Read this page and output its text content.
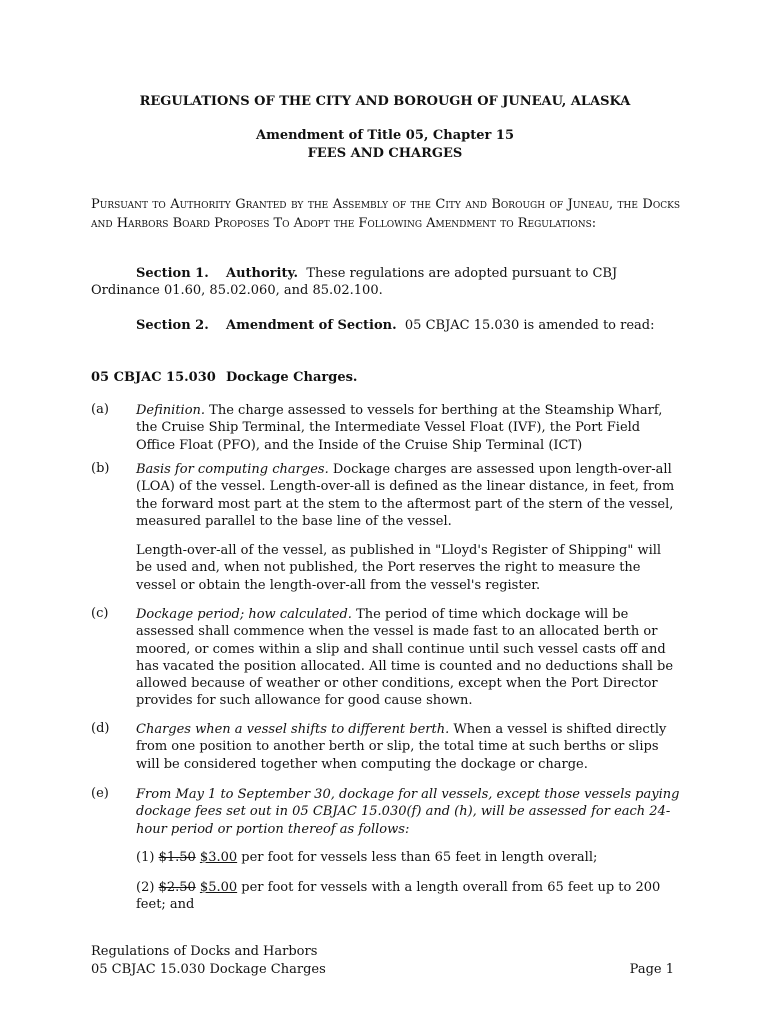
REGULATIONS OF THE CITY AND BOROUGH OF JUNEAU, ALASKA
Amendment of Title 05, Chapter 15
FEES AND CHARGES
Pursuant to Authority Granted by the Assembly of the City and Borough of Juneau, the Docks and Harbors Board Proposes To Adopt the Following Amendment to Regulations:
Section 1. Authority. These regulations are adopted pursuant to CBJ Ordinance 01.60, 85.02.060, and 85.02.100.
Section 2. Amendment of Section. 05 CBJAC 15.030 is amended to read:
05 CBJAC 15.030 Dockage Charges.
(a) Definition. The charge assessed to vessels for berthing at the Steamship Wharf, the Cruise Ship Terminal, the Intermediate Vessel Float (IVF), the Port Field Office Float (PFO), and the Inside of the Cruise Ship Terminal (ICT)
(b) Basis for computing charges. Dockage charges are assessed upon length-over-all (LOA) of the vessel. Length-over-all is defined as the linear distance, in feet, from the forward most part at the stem to the aftermost part of the stern of the vessel, measured parallel to the base line of the vessel.
Length-over-all of the vessel, as published in "Lloyd's Register of Shipping" will be used and, when not published, the Port reserves the right to measure the vessel or obtain the length-over-all from the vessel's register.
(c) Dockage period; how calculated. The period of time which dockage will be assessed shall commence when the vessel is made fast to an allocated berth or moored, or comes within a slip and shall continue until such vessel casts off and has vacated the position allocated. All time is counted and no deductions shall be allowed because of weather or other conditions, except when the Port Director provides for such allowance for good cause shown.
(d) Charges when a vessel shifts to different berth. When a vessel is shifted directly from one position to another berth or slip, the total time at such berths or slips will be considered together when computing the dockage or charge.
(e) From May 1 to September 30, dockage for all vessels, except those vessels paying dockage fees set out in 05 CBJAC 15.030(f) and (h), will be assessed for each 24-hour period or portion thereof as follows:
(1) $1.50 $3.00 per foot for vessels less than 65 feet in length overall;
(2) $2.50 $5.00 per foot for vessels with a length overall from 65 feet up to 200 feet; and
Regulations of Docks and Harbors
05 CBJAC 15.030 Dockage Charges	Page 1
